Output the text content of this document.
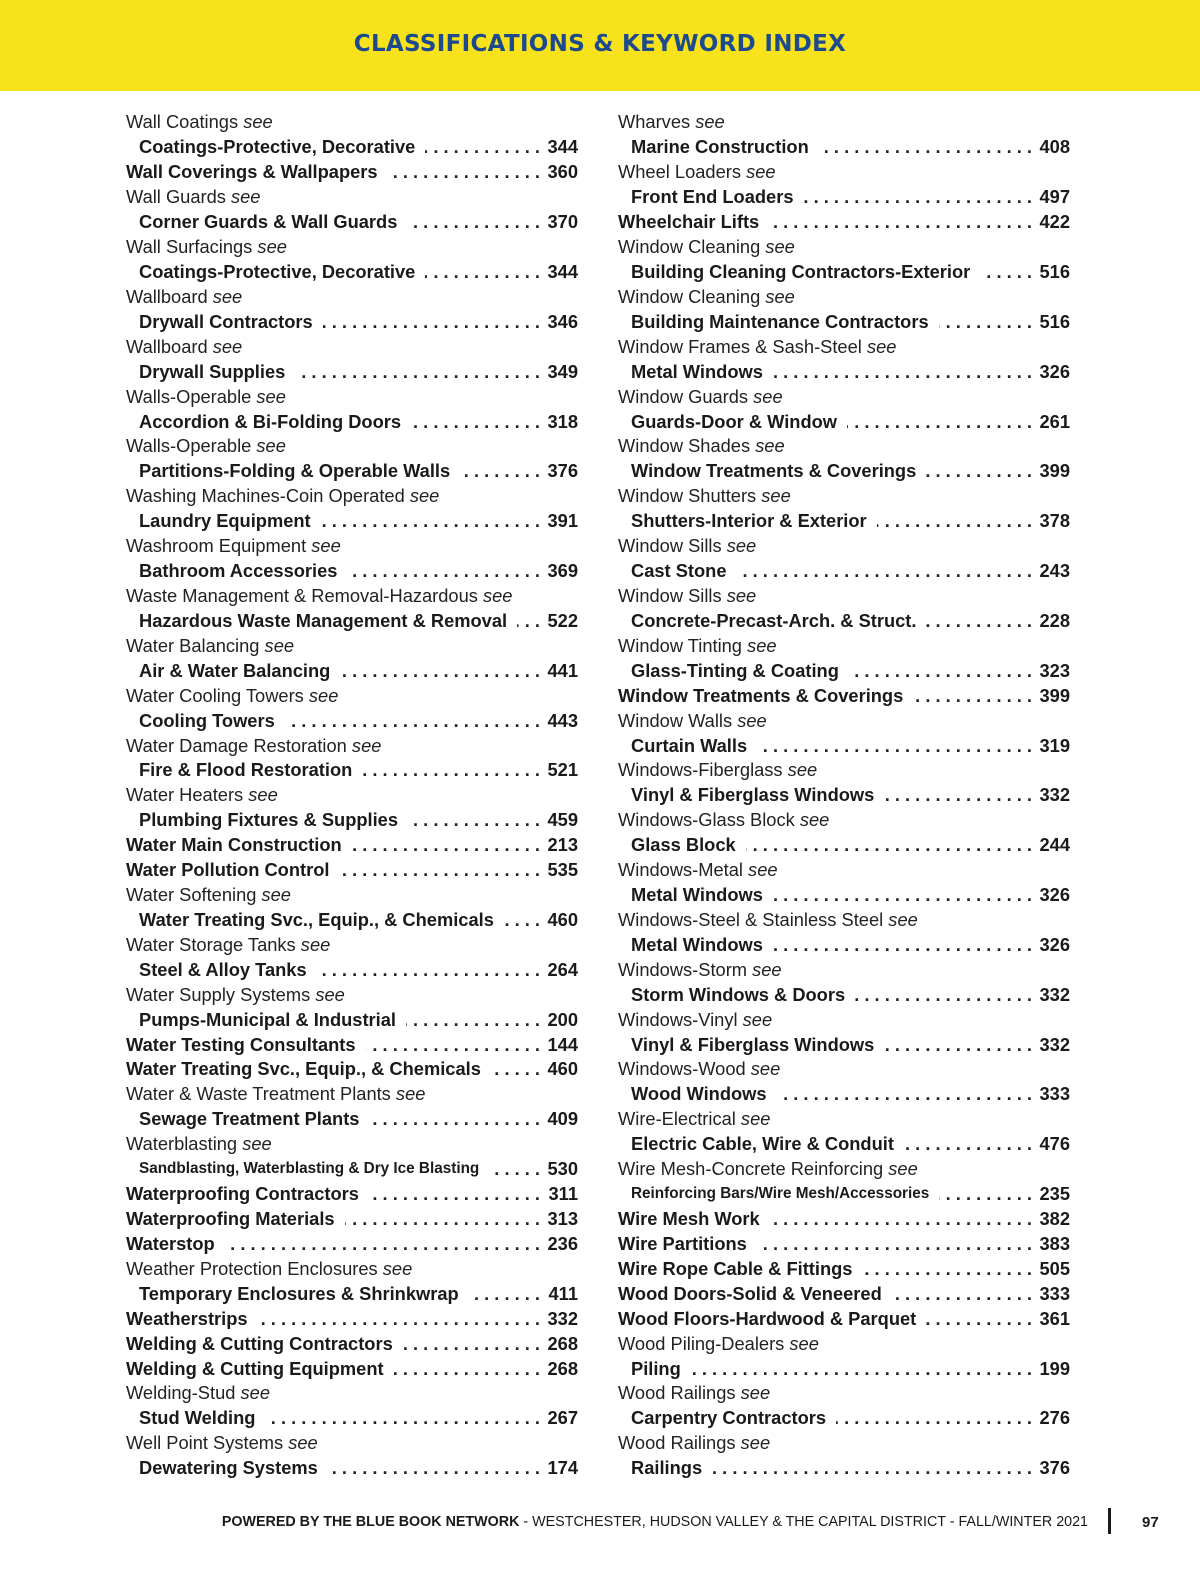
CLASSIFICATIONS & KEYWORD INDEX
Wall Coatings
see
Coatings-Protective, Decorative . . .	344
Wall Coverings & Wallpapers . . .	360
Wall Guards
see
Corner Guards & Wall Guards . . .	370
Wall Surfacings
see
Coatings-Protective, Decorative . . .	344
Wallboard
see
Drywall Contractors . . .	346
Wallboard
see
Drywall Supplies . . .	349
Walls-Operable
see
Accordion & Bi-Folding Doors . . .	318
Walls-Operable
see
Partitions-Folding & Operable Walls . . .	376
Washing Machines-Coin Operated
see
Laundry Equipment . . .	391
Washroom Equipment
see
Bathroom Accessories . . .	369
Waste Management & Removal-Hazardous
see
Hazardous Waste Management & Removal . . . 522
Water Balancing
see
Air & Water Balancing . . .	441
Water Cooling Towers
see
Cooling Towers . . .	443
Water Damage Restoration
see
Fire & Flood Restoration . . .	521
Water Heaters
see
Plumbing Fixtures & Supplies . . .	459
Water Main Construction . . .	213
Water Pollution Control . . .	535
Water Softening
see
Water Treating Svc., Equip., & Chemicals . . .	460
Water Storage Tanks
see
Steel & Alloy Tanks . . .	264
Water Supply Systems
see
Pumps-Municipal & Industrial . . .	200
Water Testing Consultants . . .	144
Water Treating Svc., Equip., & Chemicals . . .	460
Water & Waste Treatment Plants
see
Sewage Treatment Plants . . .	409
Waterblasting
see
Sandblasting, Waterblasting & Dry Ice Blasting . . .	530
Waterproofing Contractors . . .	311
Waterproofing Materials . . .	313
Waterstop . . .	236
Weather Protection Enclosures
see
Temporary Enclosures & Shrinkwrap . . .	411
Weatherstrips . . .	332
Welding & Cutting Contractors . . .	268
Welding & Cutting Equipment . . .	268
Welding-Stud
see
Stud Welding . . .	267
Well Point Systems
see
Dewatering Systems . . .	174
Wharves
see
Marine Construction . . .	408
Wheel Loaders
see
Front End Loaders . . .	497
Wheelchair Lifts . . .	422
Window Cleaning
see
Building Cleaning Contractors-Exterior . . .	516
Window Cleaning
see
Building Maintenance Contractors . . .	516
Window Frames & Sash-Steel
see
Metal Windows . . .	326
Window Guards
see
Guards-Door & Window . . .	261
Window Shades
see
Window Treatments & Coverings . . .	399
Window Shutters
see
Shutters-Interior & Exterior . . .	378
Window Sills
see
Cast Stone . . .	243
Window Sills
see
Concrete-Precast-Arch. & Struct. . . .	228
Window Tinting
see
Glass-Tinting & Coating . . .	323
Window Treatments & Coverings . . .	399
Window Walls
see
Curtain Walls . . .	319
Windows-Fiberglass
see
Vinyl & Fiberglass Windows . . .	332
Windows-Glass Block
see
Glass Block . . .	244
Windows-Metal
see
Metal Windows . . .	326
Windows-Steel & Stainless Steel
see
Metal Windows . . .	326
Windows-Storm
see
Storm Windows & Doors . . .	332
Windows-Vinyl
see
Vinyl & Fiberglass Windows . . .	332
Windows-Wood
see
Wood Windows . . .	333
Wire-Electrical
see
Electric Cable, Wire & Conduit . . .	476
Wire Mesh-Concrete Reinforcing
see
Reinforcing Bars/Wire Mesh/Accessories . . .	235
Wire Mesh Work . . .	382
Wire Partitions . . .	383
Wire Rope Cable & Fittings . . .	505
Wood Doors-Solid & Veneered . . .	333
Wood Floors-Hardwood & Parquet . . .	361
Wood Piling-Dealers
see
Piling . . .	199
Wood Railings
see
Carpentry Contractors . . .	276
Wood Railings
see
Railings . . .	376
POWERED BY THE BLUE BOOK NETWORK - WESTCHESTER, HUDSON VALLEY & THE CAPITAL DISTRICT - FALL/WINTER 2021	97
